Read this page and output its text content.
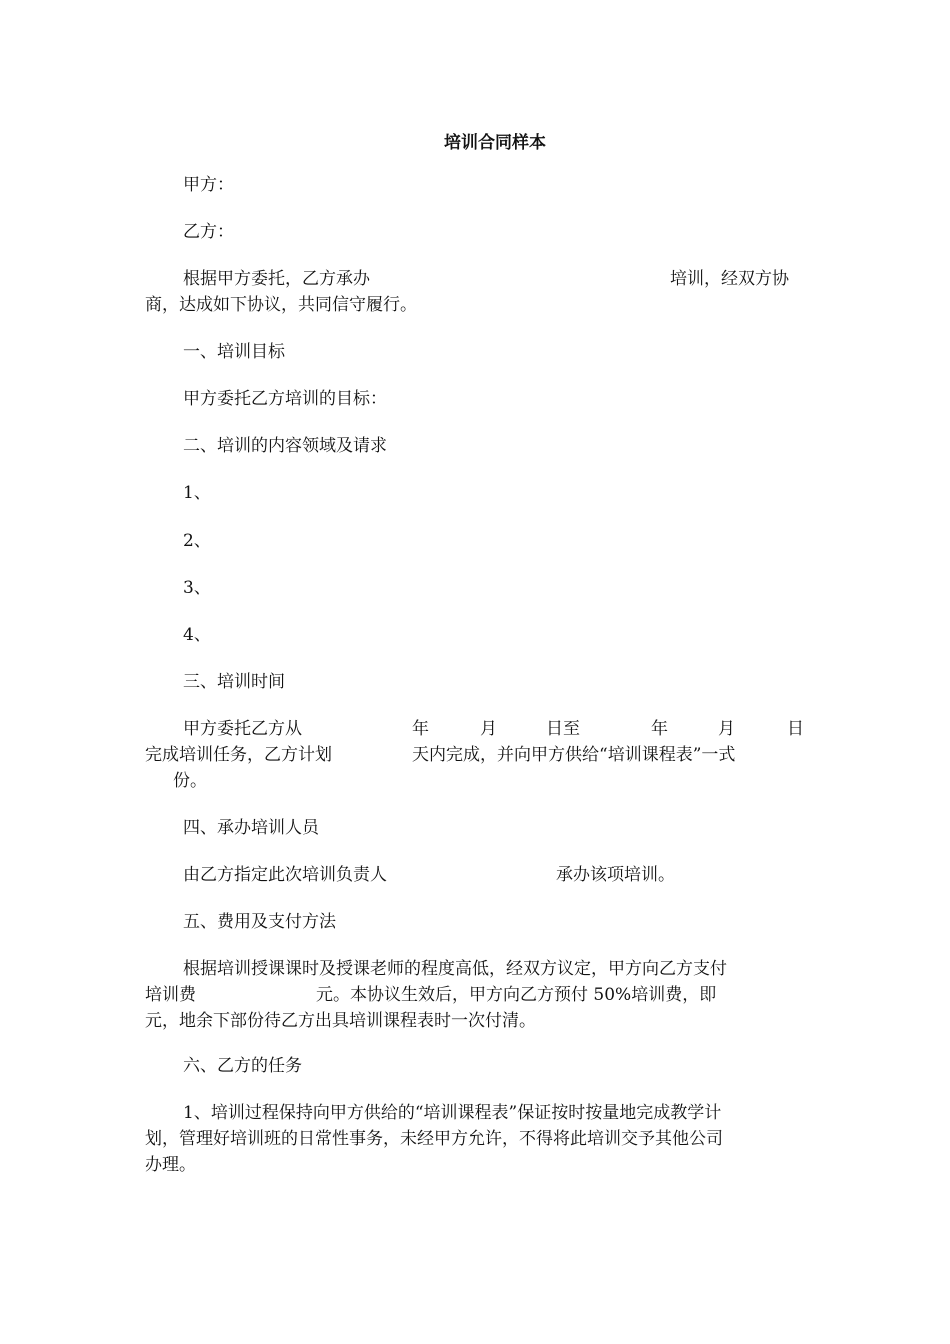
培训合同样本
甲方：
乙方：
根据甲方委托，乙方承办	培训，经双方协
商，达成如下协议，共同信守履行。
一、培训目标
甲方委托乙方培训的目标：
二、培训的内容领域及请求
1、
2、
3、
4、
三、培训时间
甲方委托乙方从	年	月	日至	年	月	日
完成培训任务，乙方计划	天内完成，并向甲方供给“培训课程表”一式
份。
四、承办培训人员
由乙方指定此次培训负责人	承办该项培训。
五、费用及支付方法
根据培训授课课时及授课老师的程度高低，经双方议定，甲方向乙方支付
培训费	元。本协议生效后，甲方向乙方预付 50%培训费，即
元，地余下部份待乙方出具培训课程表时一次付清。
六、乙方的任务
1、培训过程保持向甲方供给的“培训课程表”保证按时按量地完成教学计
划，管理好培训班的日常性事务，未经甲方允许，不得将此培训交予其他公司
办理。
